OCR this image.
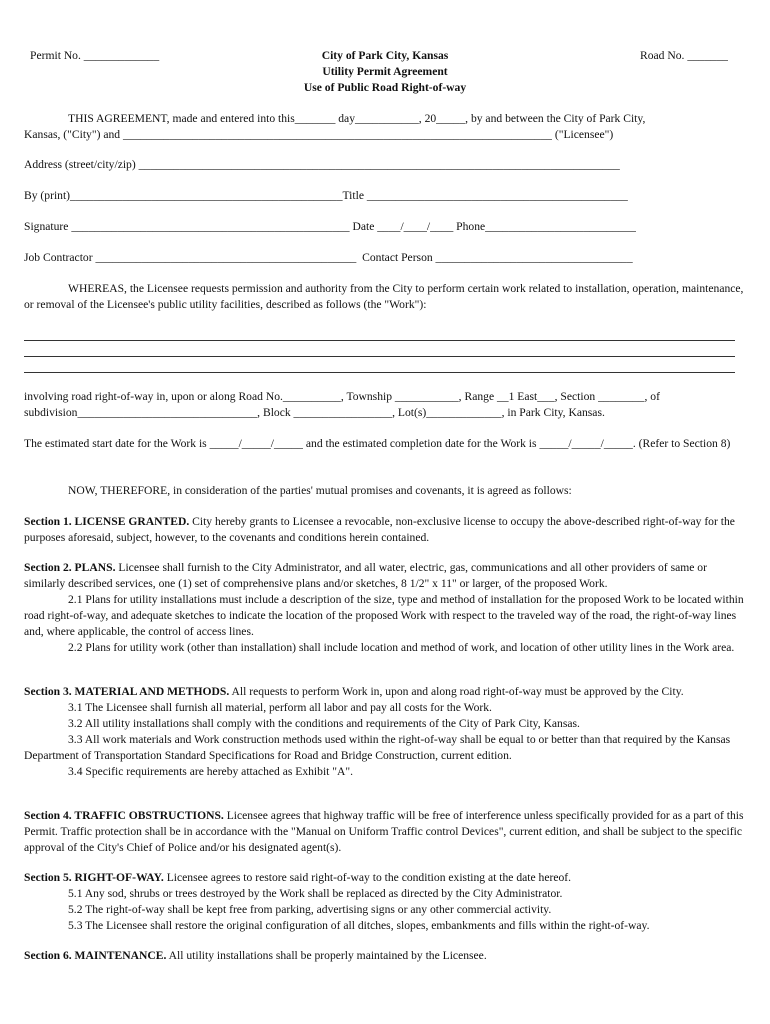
Permit No. _____________	Road No. _______
City of Park City, Kansas
Utility Permit Agreement
Use of Public Road Right-of-way
THIS AGREEMENT, made and entered into this_______ day___________, 20_____, by and between the City of Park City,
Kansas, ("City") and __________________________________________________________________________ ("Licensee")
Address (street/city/zip) ___________________________________________________________________________________
By (print)_______________________________________________Title _____________________________________________
Signature ________________________________________________ Date ____/____/____ Phone__________________________
Job Contractor _____________________________________________  Contact Person __________________________________

WHEREAS, the Licensee requests permission and authority from the City to perform certain work related to installation, operation, maintenance, or removal of the Licensee's public utility facilities, described as follows (the "Work"):

involving road right-of-way in, upon or along Road No.__________, Township ___________, Range __1 East___, Section ________, of
subdivision_______________________________, Block _________________, Lot(s)_____________, in Park City, Kansas.

The estimated start date for the Work is _____/_____/_____ and the estimated completion date for the Work is _____/_____/_____. (Refer to Section 8)

NOW, THEREFORE, in consideration of the parties' mutual promises and covenants, it is agreed as follows:

Section 1. LICENSE GRANTED. City hereby grants to Licensee a revocable, non-exclusive license to occupy the above-described right-of-way for the purposes aforesaid, subject, however, to the covenants and conditions herein contained.

Section 2. PLANS. Licensee shall furnish to the City Administrator, and all water, electric, gas, communications and all other providers of same or similarly described services, one (1) set of comprehensive plans and/or sketches, 8 1/2" x 11" or larger, of the proposed Work.

2.1 Plans for utility installations must include a description of the size, type and method of installation for the proposed Work to be located within road right-of-way, and adequate sketches to indicate the location of the proposed Work with respect to the traveled way of the road, the right-of-way lines and, where applicable, the control of access lines.

2.2 Plans for utility work (other than installation) shall include location and method of work, and location of other utility lines in the Work area.

Section 3. MATERIAL AND METHODS. All requests to perform Work in, upon and along road right-of-way must be approved by the City.

3.1 The Licensee shall furnish all material, perform all labor and pay all costs for the Work.

3.2 All utility installations shall comply with the conditions and requirements of the City of Park City, Kansas.

3.3 All work materials and Work construction methods used within the right-of-way shall be equal to or better than that required by the Kansas Department of Transportation Standard Specifications for Road and Bridge Construction, current edition.

3.4 Specific requirements are hereby attached as Exhibit "A".

Section 4. TRAFFIC OBSTRUCTIONS. Licensee agrees that highway traffic will be free of interference unless specifically provided for as a part of this Permit. Traffic protection shall be in accordance with the "Manual on Uniform Traffic control Devices", current edition, and shall be subject to the specific approval of the City's Chief of Police and/or his designated agent(s).

Section 5. RIGHT-OF-WAY. Licensee agrees to restore said right-of-way to the condition existing at the date hereof.

5.1 Any sod, shrubs or trees destroyed by the Work shall be replaced as directed by the City Administrator.

5.2 The right-of-way shall be kept free from parking, advertising signs or any other commercial activity.

5.3 The Licensee shall restore the original configuration of all ditches, slopes, embankments and fills within the right-of-way.

Section 6. MAINTENANCE. All utility installations shall be properly maintained by the Licensee.
